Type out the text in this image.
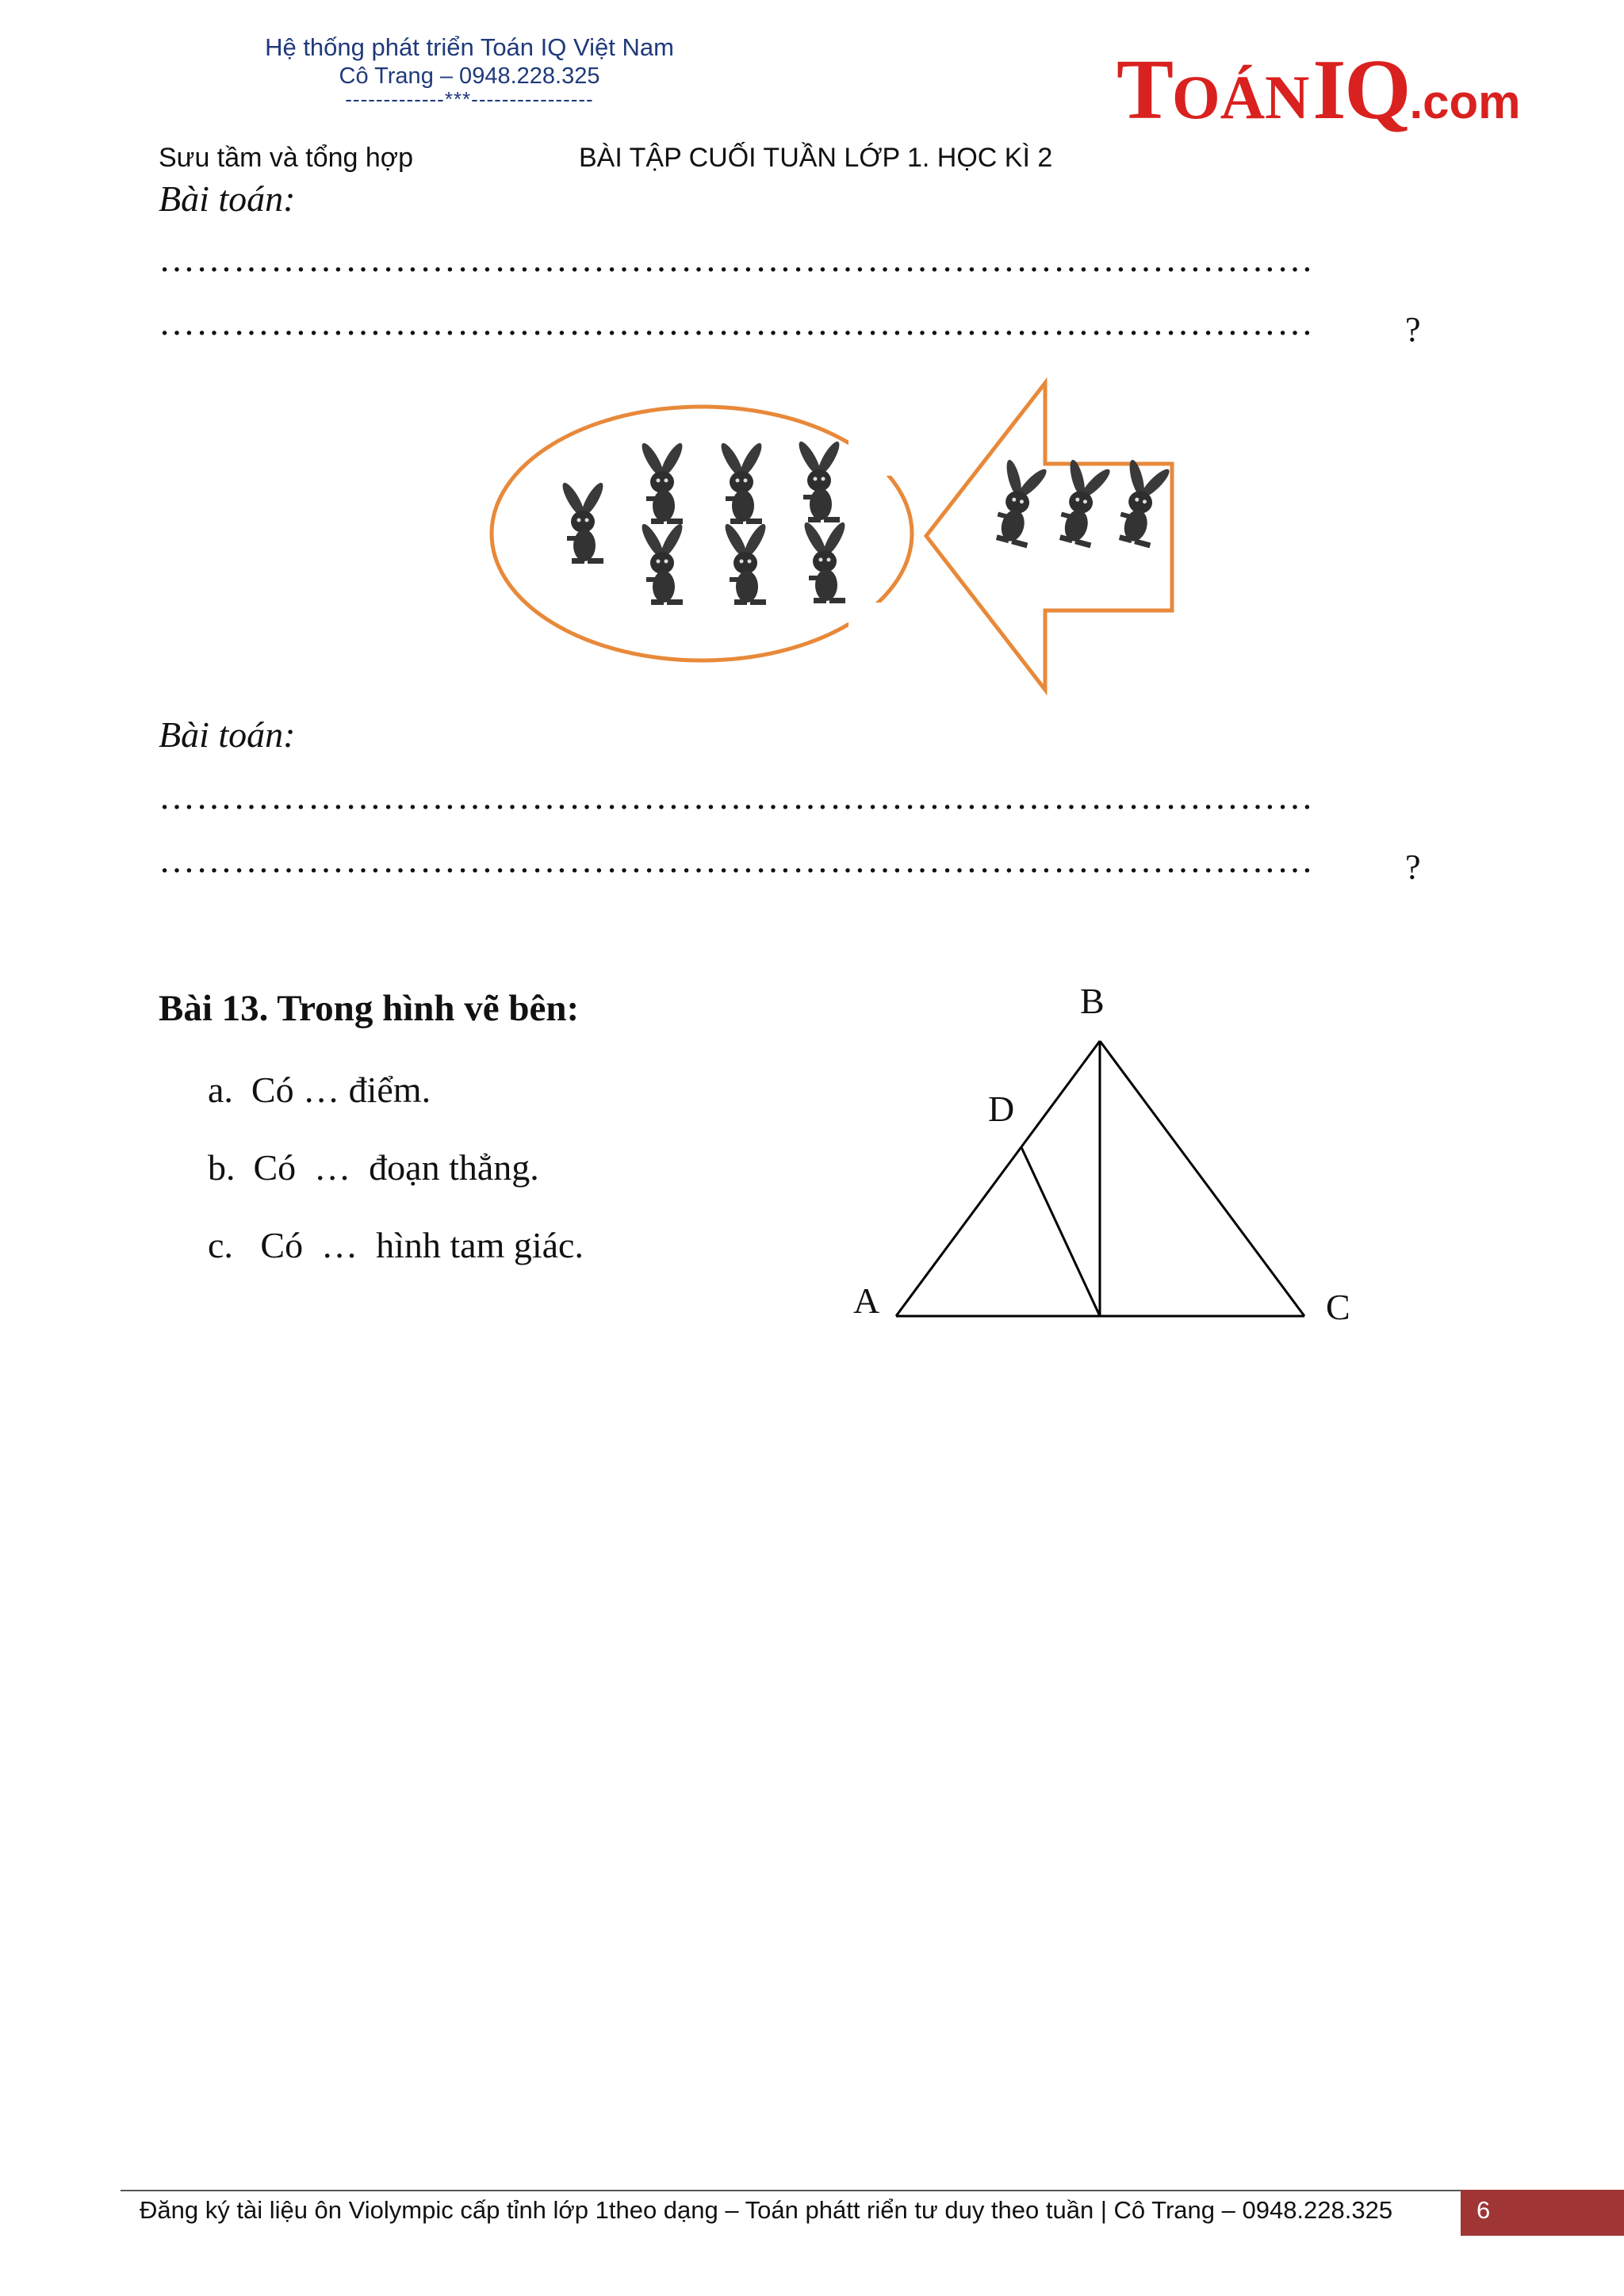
Hệ thống phát triển Toán IQ Việt Nam
Cô Trang – 0948.228.325
-------------***----------------	TOÁN IQ.com
Sưu tầm và tổng hợp	BÀI TẬP CUỐI TUẦN LỚP 1. HỌC KÌ 2
Bài toán:
…………………………………………………………………………………
…………………………………………………………………………………	?
Bài toán:
…………………………………………………………………………………
…………………………………………………………………………………	?
Bài 13. Trong hình vẽ bên:
a.  Có … điểm.
b.  Có  …  đoạn thẳng.
c.   Có  …  hình tam giác.
B
D
A	C
Đăng ký tài liệu ôn Violympic cấp tỉnh lớp 1theo dạng – Toán phátt riển tư duy theo tuần | Cô Trang – 0948.228.325	6
